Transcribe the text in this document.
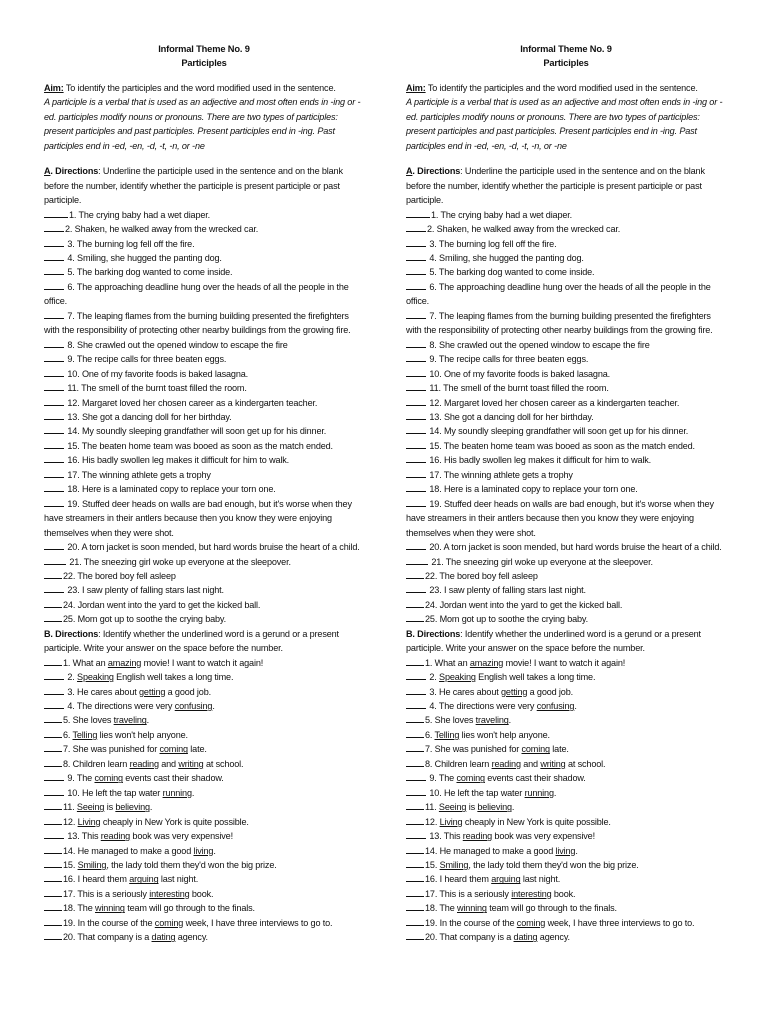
Informal Theme No. 9
Participles

Aim: To identify the participles and the word modified used in the sentence.

A participle is a verbal that is used as an adjective and most often ends in -ing or -ed. participles modify nouns or pronouns. There are two types of participles: present participles and past participles. Present participles end in -ing. Past participles end in -ed, -en, -d, -t, -n, or -ne

A. Directions: Underline the participle used in the sentence and on the blank before the number, identify whether the participle is present participle or past participle.

1. The crying baby had a wet diaper.
2. Shaken, he walked away from the wrecked car.
3. The burning log fell off the fire.
4. Smiling, she hugged the panting dog.
5. The barking dog wanted to come inside.
6. The approaching deadline hung over the heads of all the people in the office.
7. The leaping flames from the burning building presented the firefighters with the responsibility of protecting other nearby buildings from the growing fire.
8. She crawled out the opened window to escape the fire
9. The recipe calls for three beaten eggs.
10. One of my favorite foods is baked lasagna.
11. The smell of the burnt toast filled the room.
12. Margaret loved her chosen career as a kindergarten teacher.
13. She got a dancing doll for her birthday.
14. My soundly sleeping grandfather will soon get up for his dinner.
15. The beaten home team was booed as soon as the match ended.
16. His badly swollen leg makes it difficult for him to walk.
17. The winning athlete gets a trophy
18. Here is a laminated copy to replace your torn one.
19. Stuffed deer heads on walls are bad enough, but it's worse when they have streamers in their antlers because then you know they were enjoying themselves when they were shot.
20. A torn jacket is soon mended, but hard words bruise the heart of a child.
21. The sneezing girl woke up everyone at the sleepover.
22. The bored boy fell asleep
23. I saw plenty of falling stars last night.
24. Jordan went into the yard to get the kicked ball.
25. Mom got up to soothe the crying baby.

B. Directions: Identify whether the underlined word is a gerund or a present participle. Write your answer on the space before the number.

1. What an amazing movie! I want to watch it again!
2. Speaking English well takes a long time.
3. He cares about getting a good job.
4. The directions were very confusing.
5. She loves traveling.
6. Telling lies won't help anyone.
7. She was punished for coming late.
8. Children learn reading and writing at school.
9. The coming events cast their shadow.
10. He left the tap water running.
11. Seeing is believing.
12. Living cheaply in New York is quite possible.
13. This reading book was very expensive!
14. He managed to make a good living.
15. Smiling, the lady told them they'd won the big prize.
16. I heard them arguing last night.
17. This is a seriously interesting book.
18. The winning team will go through to the finals.
19. In the course of the coming week, I have three interviews to go to.
20. That company is a dating agency.
Informal Theme No. 9
Participles

Aim: To identify the participles and the word modified used in the sentence.

A participle is a verbal that is used as an adjective and most often ends in -ing or -ed. participles modify nouns or pronouns. There are two types of participles: present participles and past participles. Present participles end in -ing. Past participles end in -ed, -en, -d, -t, -n, or -ne

A. Directions: Underline the participle used in the sentence and on the blank before the number, identify whether the participle is present participle or past participle.

1. The crying baby had a wet diaper.
2. Shaken, he walked away from the wrecked car.
3. The burning log fell off the fire.
4. Smiling, she hugged the panting dog.
5. The barking dog wanted to come inside.
6. The approaching deadline hung over the heads of all the people in the office.
7. The leaping flames from the burning building presented the firefighters with the responsibility of protecting other nearby buildings from the growing fire.
8. She crawled out the opened window to escape the fire
9. The recipe calls for three beaten eggs.
10. One of my favorite foods is baked lasagna.
11. The smell of the burnt toast filled the room.
12. Margaret loved her chosen career as a kindergarten teacher.
13. She got a dancing doll for her birthday.
14. My soundly sleeping grandfather will soon get up for his dinner.
15. The beaten home team was booed as soon as the match ended.
16. His badly swollen leg makes it difficult for him to walk.
17. The winning athlete gets a trophy
18. Here is a laminated copy to replace your torn one.
19. Stuffed deer heads on walls are bad enough, but it's worse when they have streamers in their antlers because then you know they were enjoying themselves when they were shot.
20. A torn jacket is soon mended, but hard words bruise the heart of a child.
21. The sneezing girl woke up everyone at the sleepover.
22. The bored boy fell asleep
23. I saw plenty of falling stars last night.
24. Jordan went into the yard to get the kicked ball.
25. Mom got up to soothe the crying baby.

B. Directions: Identify whether the underlined word is a gerund or a present participle. Write your answer on the space before the number.

1. What an amazing movie! I want to watch it again!
2. Speaking English well takes a long time.
3. He cares about getting a good job.
4. The directions were very confusing.
5. She loves traveling.
6. Telling lies won't help anyone.
7. She was punished for coming late.
8. Children learn reading and writing at school.
9. The coming events cast their shadow.
10. He left the tap water running.
11. Seeing is believing.
12. Living cheaply in New York is quite possible.
13. This reading book was very expensive!
14. He managed to make a good living.
15. Smiling, the lady told them they'd won the big prize.
16. I heard them arguing last night.
17. This is a seriously interesting book.
18. The winning team will go through to the finals.
19. In the course of the coming week, I have three interviews to go to.
20. That company is a dating agency.
